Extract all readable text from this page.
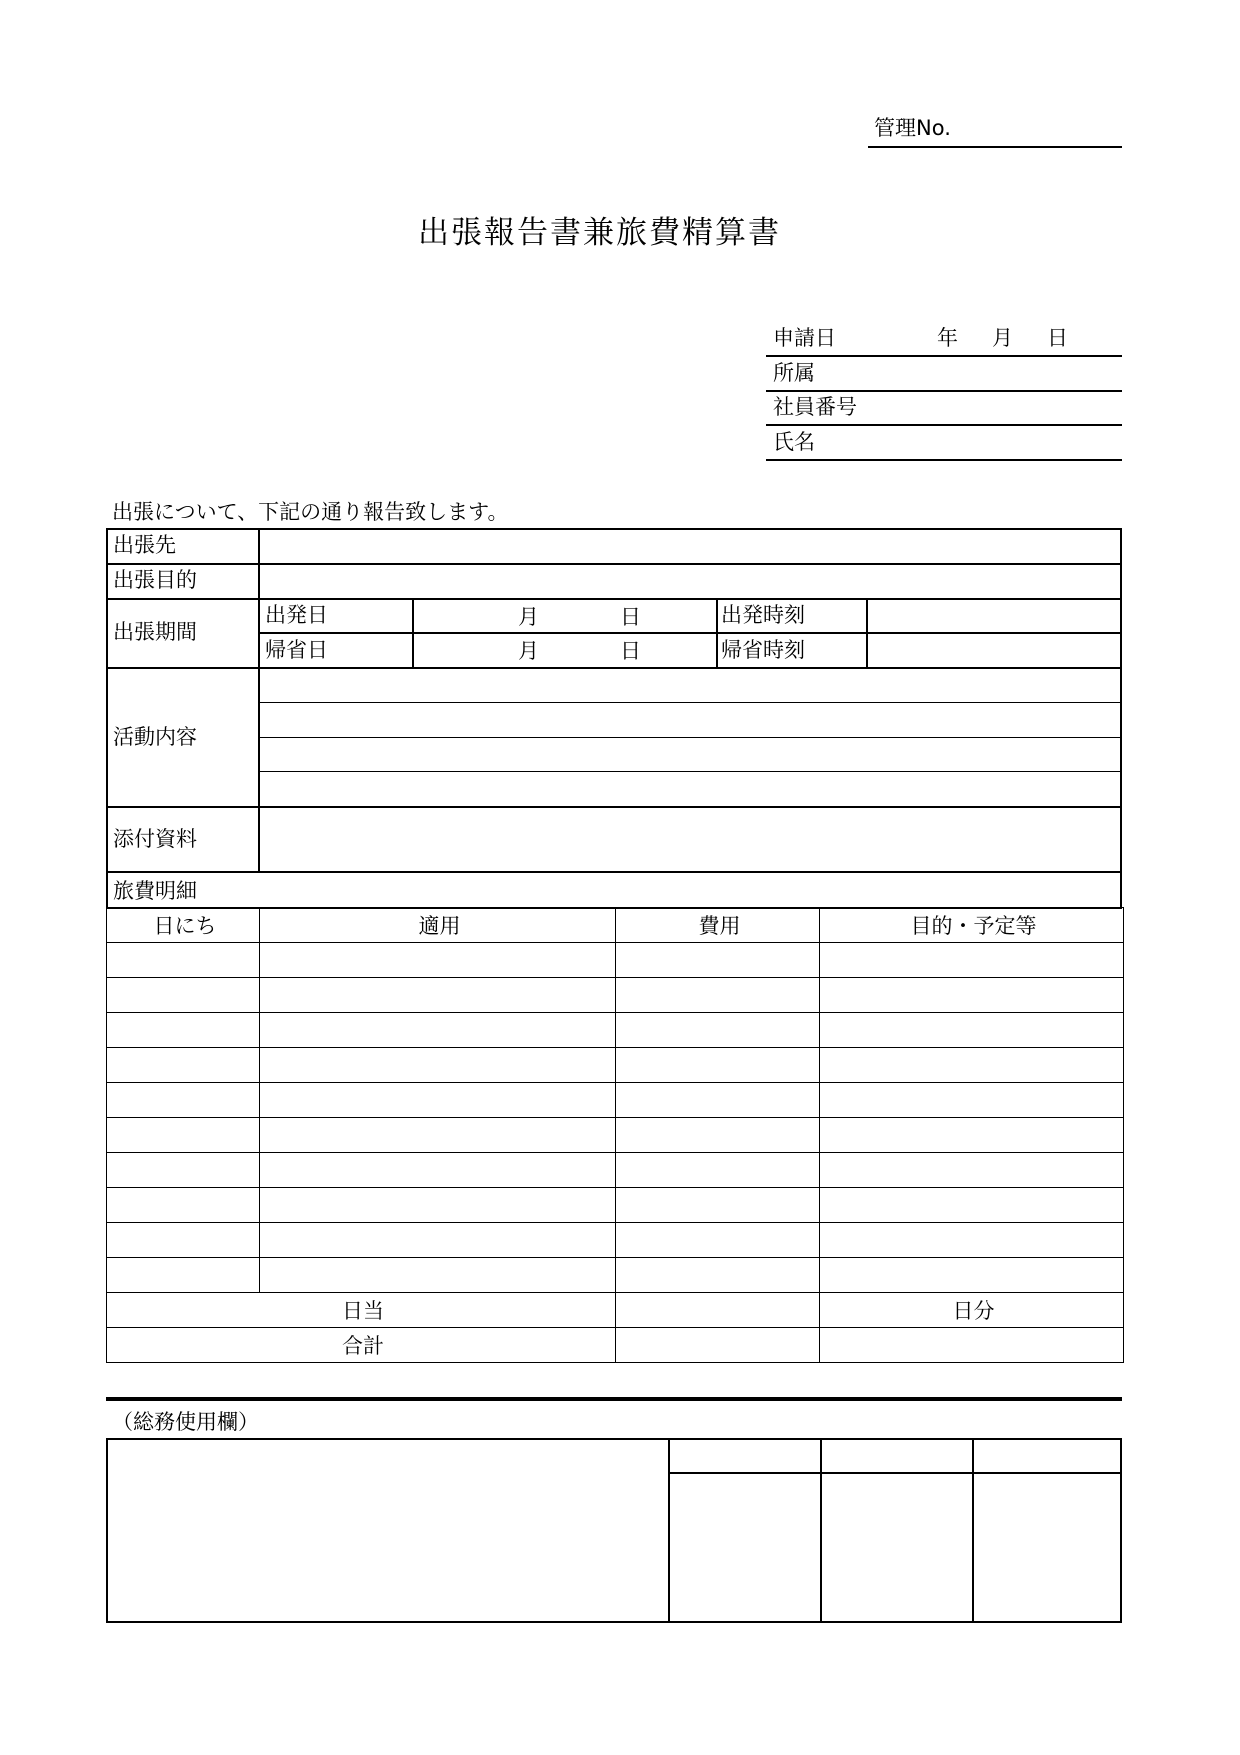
管理No.
出張報告書兼旅費精算書
申請日	年 月 日
所属
社員番号
氏名
出張について、下記の通り報告致します。
出張先
出張目的
出張期間
出発日	月	日	出発時刻
帰省日	月	日	帰省時刻
活動内容
添付資料
旅費明細
日にち	適用	費用	目的・予定等

日当			日分
合計			
（総務使用欄）
